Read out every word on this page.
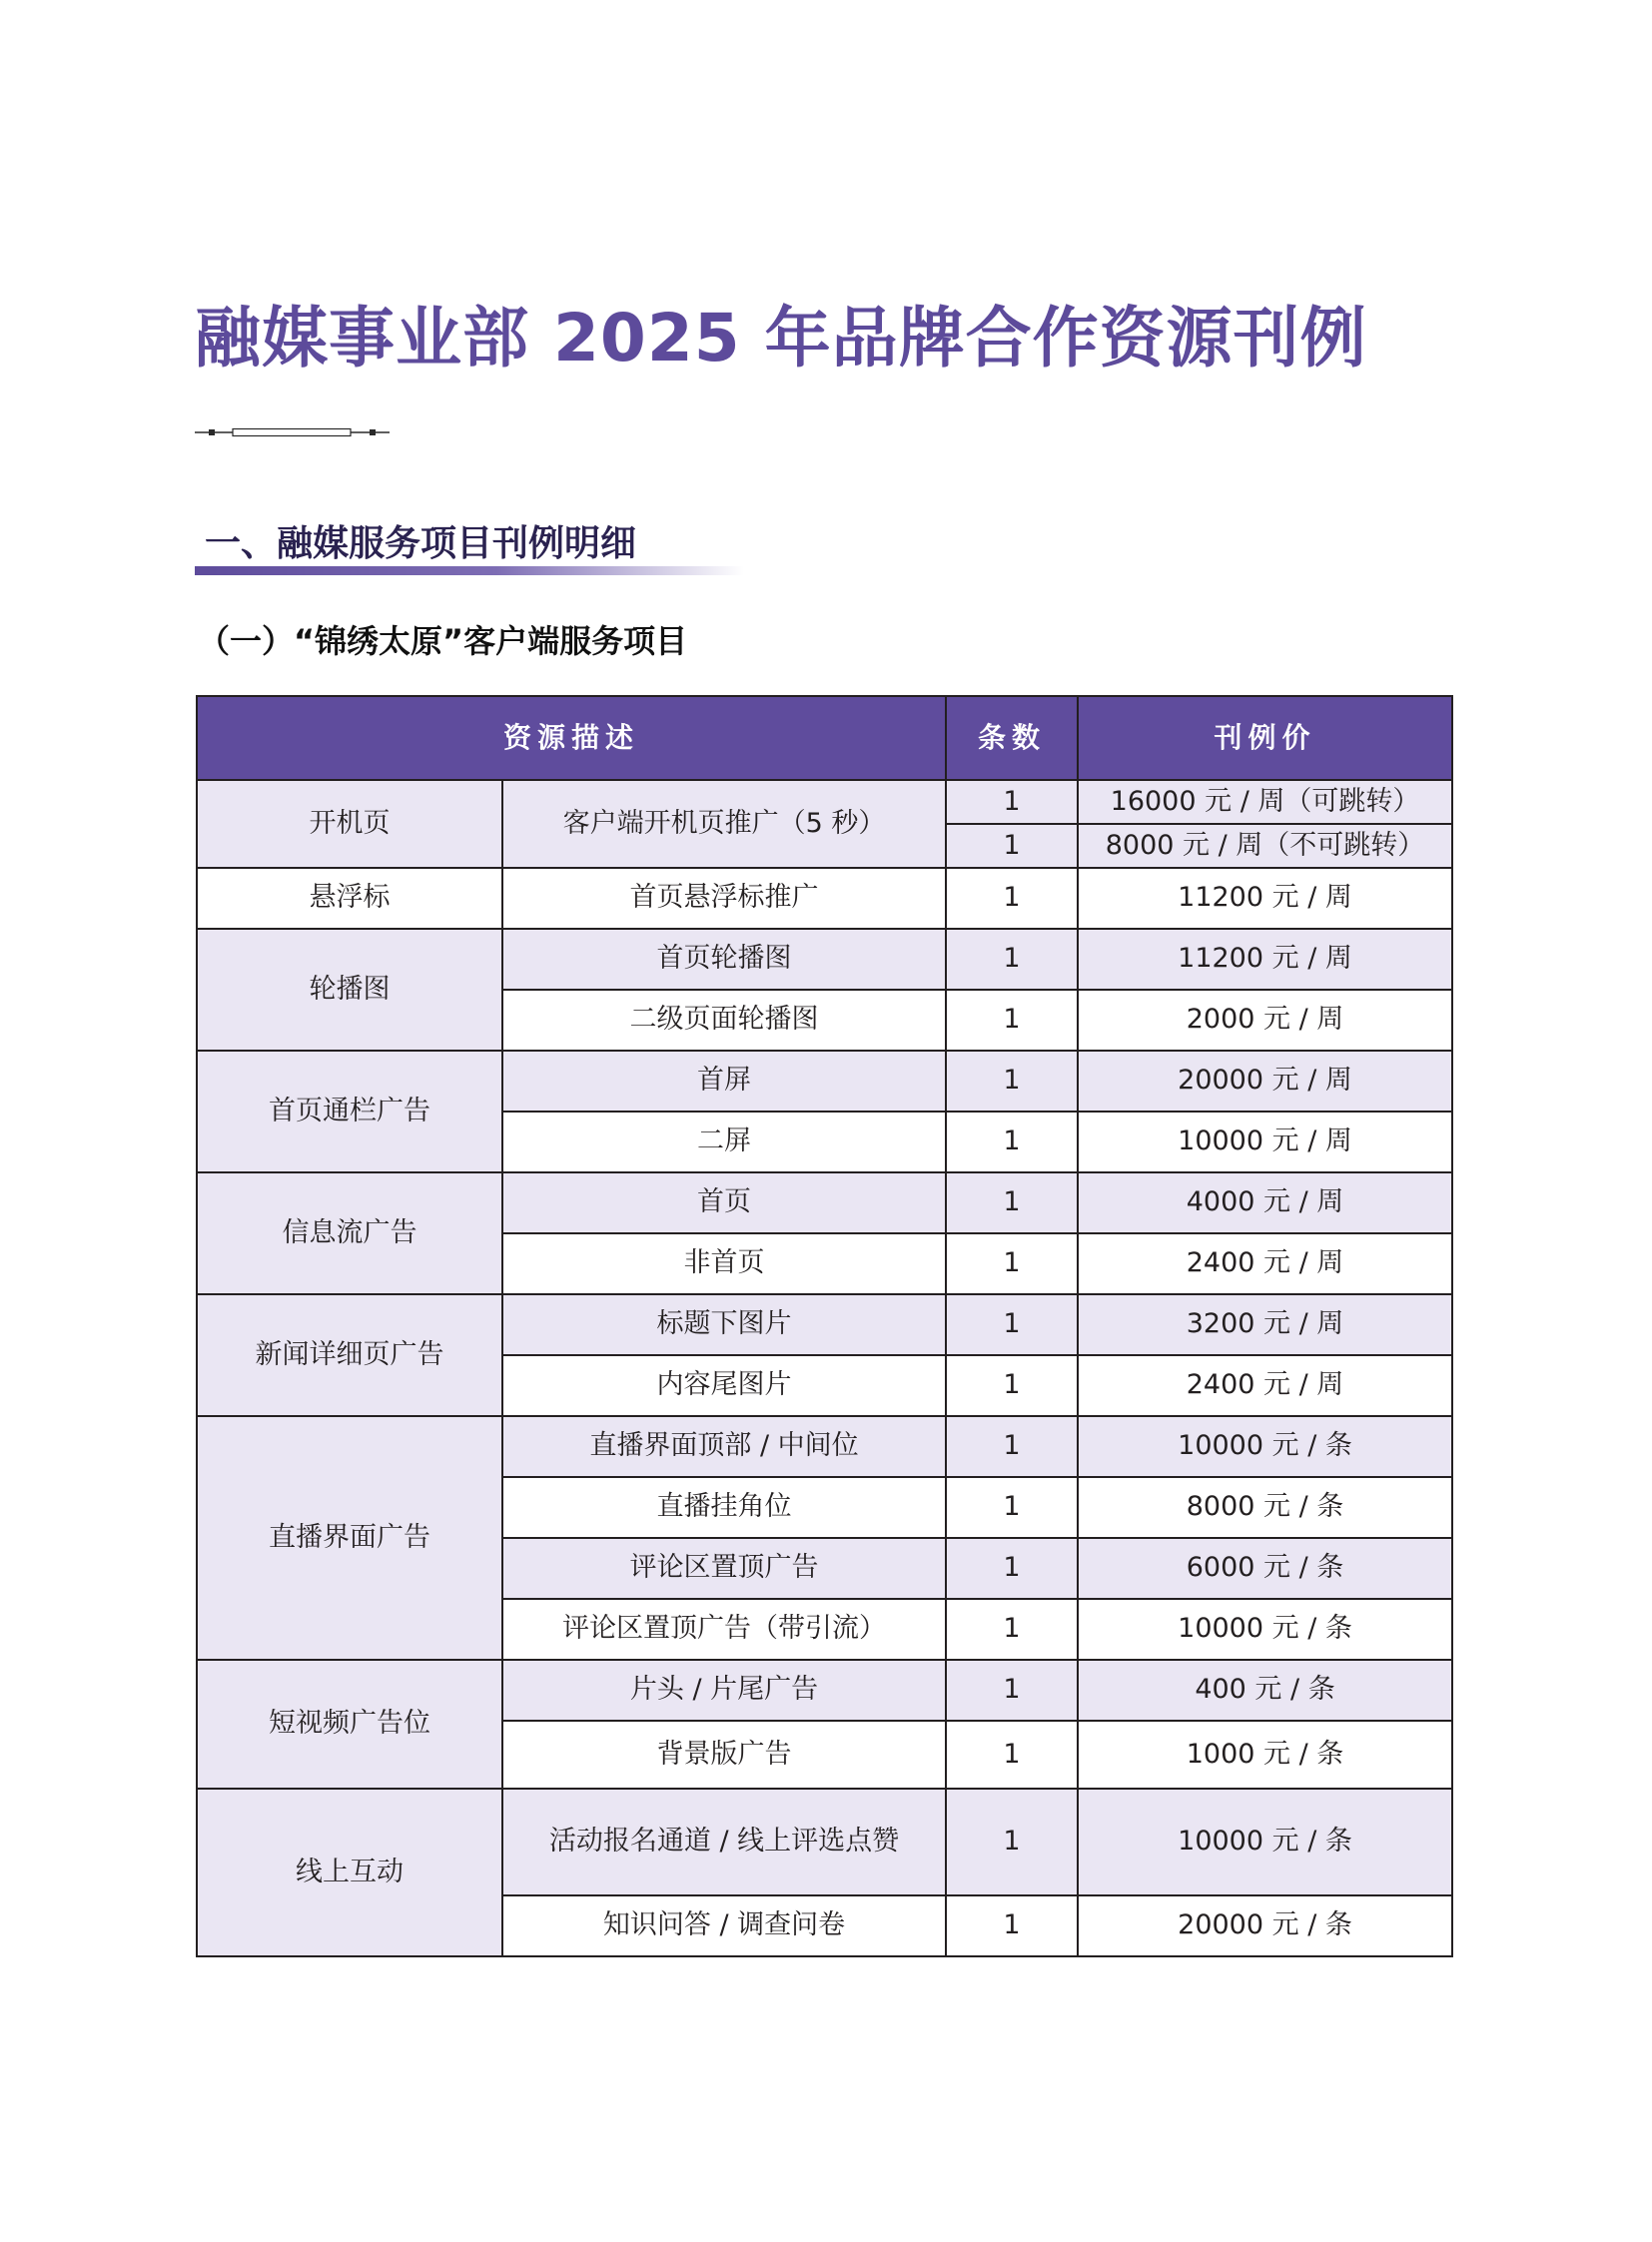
融媒事业部 2025 年品牌合作资源刊例
一、融媒服务项目刊例明细
（一）“锦绣太原”客户端服务项目
资源描述		条数	刊例价
开机页	客户端开机页推广（5 秒）	1	16000 元 / 周（可跳转）
		1	8000 元 / 周（不可跳转）
悬浮标	首页悬浮标推广	1	11200 元 / 周
轮播图	首页轮播图	1	11200 元 / 周
	二级页面轮播图	1	2000 元 / 周
首页通栏广告	首屏	1	20000 元 / 周
	二屏	1	10000 元 / 周
信息流广告	首页	1	4000 元 / 周
	非首页	1	2400 元 / 周
新闻详细页广告	标题下图片	1	3200 元 / 周
	内容尾图片	1	2400 元 / 周
直播界面广告	直播界面顶部 / 中间位	1	10000 元 / 条
	直播挂角位	1	8000 元 / 条
	评论区置顶广告	1	6000 元 / 条
	评论区置顶广告（带引流）	1	10000 元 / 条
短视频广告位	片头 / 片尾广告	1	400 元 / 条
	背景版广告	1	1000 元 / 条
线上互动	活动报名通道 / 线上评选点赞	1	10000 元 / 条
	知识问答 / 调查问卷	1	20000 元 / 条
